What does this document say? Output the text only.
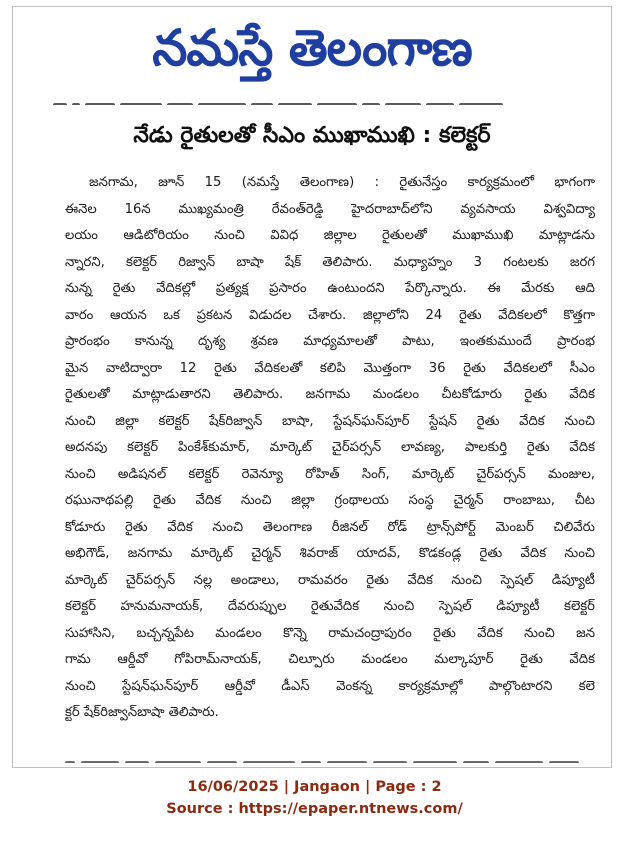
నమస్తే తెలంగాణ
నేడు రైతులతో సీఎం ముఖాముఖి : కలెక్టర్
జనగామ, జూన్ 15 (నమస్తే తెలంగాణ) : రైతునేస్తం కార్యక్రమంలో భాగంగా
ఈనెల 16న ముఖ్యమంత్రి రేవంత్‌రెడ్డి హైదరాబాద్‌లోని వ్యవసాయ విశ్వవిద్యా
లయం ఆడిటోరియం నుంచి వివిధ జిల్లాల రైతులతో ముఖాముఖి మాట్లాడను
న్నారని, కలెక్టర్ రిజ్వాన్ బాషా షేక్ తెలిపారు. మధ్యాహ్నం 3 గంటలకు జరగ
నున్న రైతు వేదికల్లో ప్రత్యక్ష ప్రసారం ఉంటుందని పేర్కొన్నారు. ఈ మేరకు ఆది
వారం ఆయన ఒక ప్రకటన విడుదల చేశారు. జిల్లాలోని 24 రైతు వేదికలలో కొత్తగా
ప్రారంభం కానున్న దృశ్య శ్రవణ మాధ్యమాలతో పాటు, ఇంతకుముందే ప్రారంభ
మైన వాటిద్వారా 12 రైతు వేదికలతో కలిపి మొత్తంగా 36 రైతు వేదికలలో సీఎం
రైతులతో మాట్లాడుతారని తెలిపారు. జనగామ మండలం చీటకోడూరు రైతు వేదిక
నుంచి జిల్లా కలెక్టర్ షేక్‌రిజ్వాన్ బాషా, స్టేషన్‌ఘన్‌పూర్ స్టేషన్ రైతు వేదిక నుంచి
అదనపు కలెక్టర్ పింకేశ్‌కుమార్, మార్కెట్ చైర్‌పర్సన్ లావణ్య, పాలకుర్తి రైతు వేదిక
నుంచి అడిషనల్ కలెక్టర్ రెవెన్యూ రోహిత్ సింగ్, మార్కెట్ చైర్‌పర్సన్ మంజుల,
రఘునాథపల్లి రైతు వేదిక నుంచి జిల్లా గ్రంథాలయ సంస్థ చైర్మన్ రాంబాబు, చీట
కోడూరు రైతు వేదిక నుంచి తెలంగాణ రీజినల్ రోడ్ ట్రాన్స్‌పోర్ట్ మెంబర్ చిలివేరు
అభిగౌడ్, జనగామ మార్కెట్ చైర్మన్ శివరాజ్ యాదవ్, కొడకండ్ల రైతు వేదిక నుంచి
మార్కెట్ చైర్‌పర్సన్ నల్ల అండాలు, రామవరం రైతు వేదిక నుంచి స్పెషల్ డిప్యూటీ
కలెక్టర్ హనుమనాయక్, దేవరుప్పుల రైతువేదిక నుంచి స్పెషల్ డిప్యూటీ కలెక్టర్
సుహాసిని, బచ్చన్నపేట మండలం కొన్నె రామచంద్రాపురం రైతు వేదిక నుంచి జన
గామ ఆర్డీవో గోపిరామ్‌నాయక్, చిల్పూరు మండలం మల్కాపూర్ రైతు వేదిక
నుంచి స్టేషన్‌ఘన్‌పూర్ ఆర్డీవో డీఎస్ వెంకన్న కార్యక్రమాల్లో పాల్గొంటారని కలె
క్టర్ షేక్‌రిజ్వాన్‌బాషా తెలిపారు.
16/06/2025 | Jangaon | Page : 2
Source : https://epaper.ntnews.com/
